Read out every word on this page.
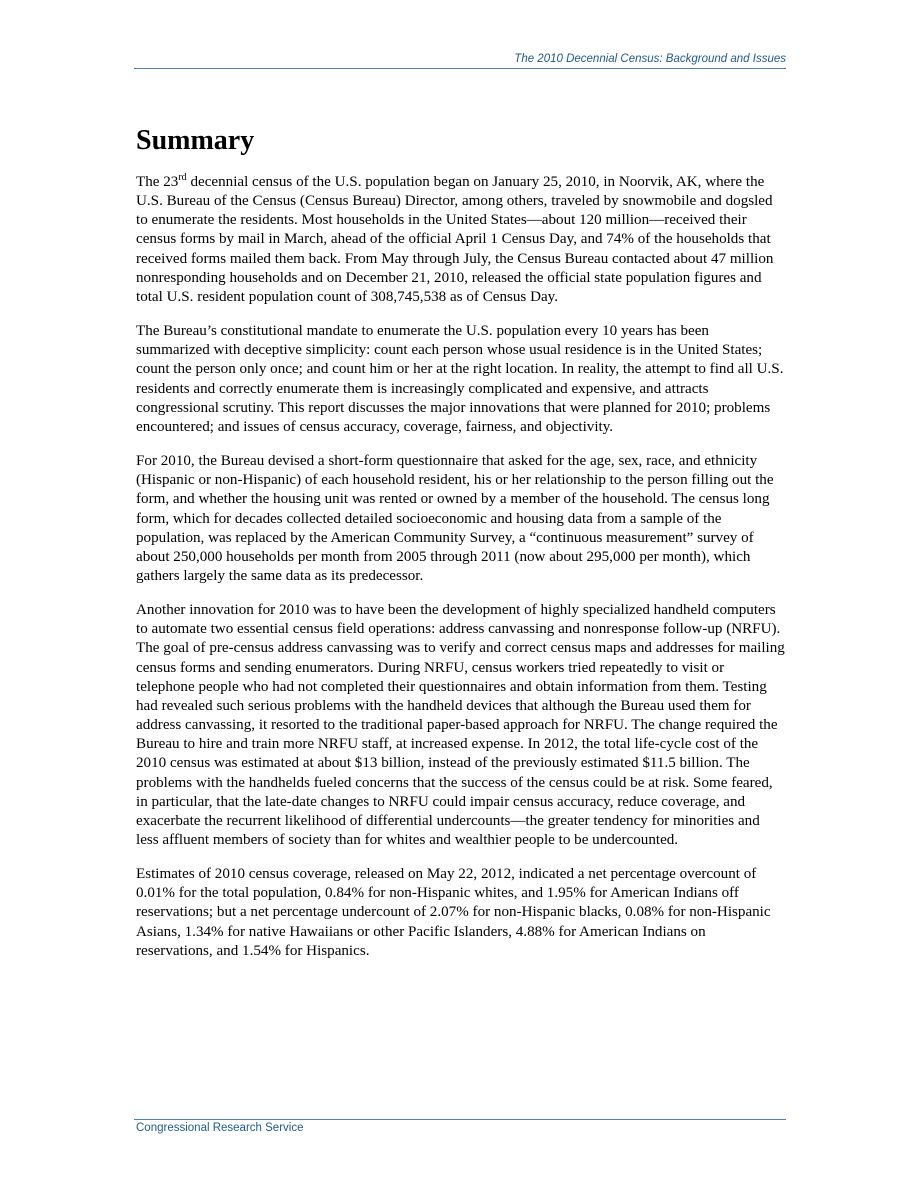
The 2010 Decennial Census: Background and Issues
Summary

The 23rd decennial census of the U.S. population began on January 25, 2010, in Noorvik, AK, where the U.S. Bureau of the Census (Census Bureau) Director, among others, traveled by snowmobile and dogsled to enumerate the residents. Most households in the United States—about 120 million—received their census forms by mail in March, ahead of the official April 1 Census Day, and 74% of the households that received forms mailed them back. From May through July, the Census Bureau contacted about 47 million nonresponding households and on December 21, 2010, released the official state population figures and total U.S. resident population count of 308,745,538 as of Census Day.

The Bureau’s constitutional mandate to enumerate the U.S. population every 10 years has been summarized with deceptive simplicity: count each person whose usual residence is in the United States; count the person only once; and count him or her at the right location. In reality, the attempt to find all U.S. residents and correctly enumerate them is increasingly complicated and expensive, and attracts congressional scrutiny. This report discusses the major innovations that were planned for 2010; problems encountered; and issues of census accuracy, coverage, fairness, and objectivity.

For 2010, the Bureau devised a short-form questionnaire that asked for the age, sex, race, and ethnicity (Hispanic or non-Hispanic) of each household resident, his or her relationship to the person filling out the form, and whether the housing unit was rented or owned by a member of the household. The census long form, which for decades collected detailed socioeconomic and housing data from a sample of the population, was replaced by the American Community Survey, a “continuous measurement” survey of about 250,000 households per month from 2005 through 2011 (now about 295,000 per month), which gathers largely the same data as its predecessor.

Another innovation for 2010 was to have been the development of highly specialized handheld computers to automate two essential census field operations: address canvassing and nonresponse follow-up (NRFU). The goal of pre-census address canvassing was to verify and correct census maps and addresses for mailing census forms and sending enumerators. During NRFU, census workers tried repeatedly to visit or telephone people who had not completed their questionnaires and obtain information from them. Testing had revealed such serious problems with the handheld devices that although the Bureau used them for address canvassing, it resorted to the traditional paper-based approach for NRFU. The change required the Bureau to hire and train more NRFU staff, at increased expense. In 2012, the total life-cycle cost of the 2010 census was estimated at about $13 billion, instead of the previously estimated $11.5 billion. The problems with the handhelds fueled concerns that the success of the census could be at risk. Some feared, in particular, that the late-date changes to NRFU could impair census accuracy, reduce coverage, and exacerbate the recurrent likelihood of differential undercounts—the greater tendency for minorities and less affluent members of society than for whites and wealthier people to be undercounted.

Estimates of 2010 census coverage, released on May 22, 2012, indicated a net percentage overcount of 0.01% for the total population, 0.84% for non-Hispanic whites, and 1.95% for American Indians off reservations; but a net percentage undercount of 2.07% for non-Hispanic blacks, 0.08% for non-Hispanic Asians, 1.34% for native Hawaiians or other Pacific Islanders, 4.88% for American Indians on reservations, and 1.54% for Hispanics.

Congressional Research Service
